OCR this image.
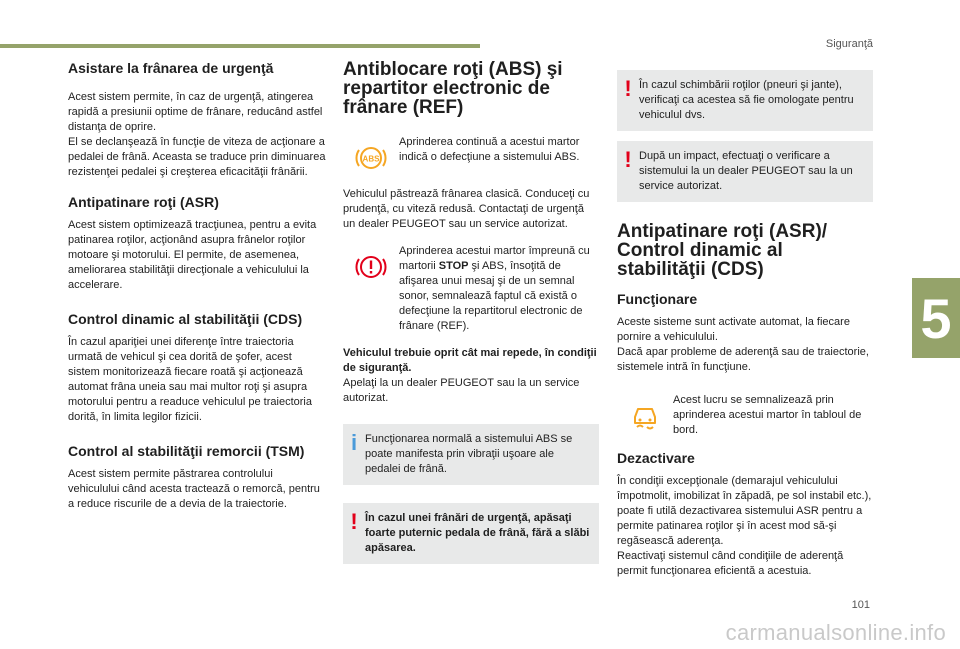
Siguranţă
5
101
carmanualsonline.info
Asistare la frânarea de urgenţă

Acest sistem permite, în caz de urgenţă, atingerea rapidă a presiunii optime de frânare, reducând astfel distanţa de oprire.

El se declanşează în funcţie de viteza de acţionare a pedalei de frână. Aceasta se traduce prin diminuarea rezistenţei pedalei şi creşterea eficacităţii frânării.

Antipatinare roţi (ASR)

Acest sistem optimizează tracţiunea, pentru a evita patinarea roţilor, acţionând asupra frânelor roţilor motoare şi motorului. El permite, de asemenea, ameliorarea stabilităţii direcţionale a vehiculului la accelerare.

Control dinamic al stabilităţii (CDS)

În cazul apariţiei unei diferenţe între traiectoria urmată de vehicul şi cea dorită de şofer, acest sistem monitorizează fiecare roată şi acţionează automat frâna uneia sau mai multor roţi şi asupra motorului pentru a readuce vehiculul pe traiectoria dorită, în limita legilor fizicii.

Control al stabilităţii remorcii (TSM)

Acest sistem permite păstrarea controlului vehiculului când acesta tractează o remorcă, pentru a reduce riscurile de a devia de la traiectorie.

Antiblocare roţi (ABS) şi repartitor electronic de frânare (REF)
ABS

Aprinderea continuă a acestui martor indică o defecţiune a sistemului ABS.

Vehiculul păstrează frânarea clasică. Conduceţi cu prudenţă, cu viteză redusă. Contactaţi de urgenţă un dealer PEUGEOT sau un service autorizat.

Aprinderea acestui martor împreună cu martorii STOP şi ABS, însoţită de afişarea unui mesaj şi de un semnal sonor, semnalează faptul că există o defecţiune la repartitorul electronic de frânare (REF).

Vehiculul trebuie oprit cât mai repede, în condiţii de siguranţă.

Apelaţi la un dealer PEUGEOT sau la un service autorizat.

i Funcţionarea normală a sistemului ABS se poate manifesta prin vibraţii uşoare ale pedalei de frână.

! În cazul unei frânări de urgenţă, apăsaţi foarte puternic pedala de frână, fără a slăbi apăsarea.

! În cazul schimbării roţilor (pneuri şi jante), verificaţi ca acestea să fie omologate pentru vehiculul dvs.

! După un impact, efectuaţi o verificare a sistemului la un dealer PEUGEOT sau la un service autorizat.

Antipatinare roţi (ASR)/ Control dinamic al stabilităţii (CDS)
Funcţionare

Aceste sisteme sunt activate automat, la fiecare pornire a vehiculului.

Dacă apar probleme de aderenţă sau de traiectorie, sistemele intră în funcţiune.

Acest lucru se semnalizează prin aprinderea acestui martor în tabloul de bord.

Dezactivare

În condiţii excepţionale (demarajul vehiculului împotmolit, imobilizat în zăpadă, pe sol instabil etc.), poate fi utilă dezactivarea sistemului ASR pentru a permite patinarea roţilor şi în acest mod să-şi regăsească aderenţa.

Reactivaţi sistemul când condiţiile de aderenţă permit funcţionarea eficientă a acestuia.
